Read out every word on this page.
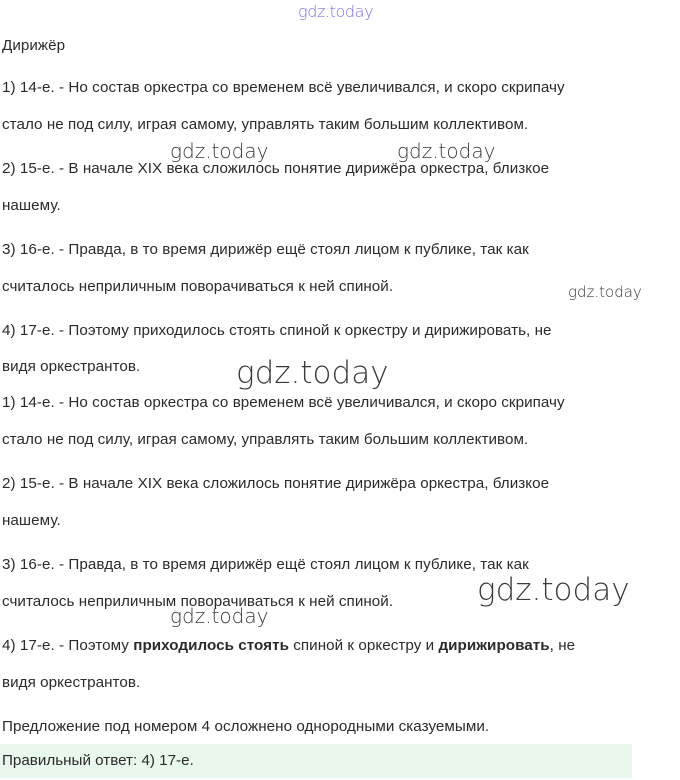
gdz.today
Дирижёр
1) 14-е. - Но состав оркестра со временем всё увеличивался, и скоро скрипачу
стало не под силу, играя самому, управлять таким большим коллективом.
gdz.today	gdz.today
2) 15-е. - В начале XIX века сложилось понятие дирижёра оркестра, близкое
нашему.
3) 16-е. - Правда, в то время дирижёр ещё стоял лицом к публике, так как
считалось неприличным поворачиваться к ней спиной.	gdz.today
4) 17-е. - Поэтому приходилось стоять спиной к оркестру и дирижировать, не
видя оркестрантов.	gdz.today
1) 14-е. - Но состав оркестра со временем всё увеличивался, и скоро скрипачу
стало не под силу, играя самому, управлять таким большим коллективом.
2) 15-е. - В начале XIX века сложилось понятие дирижёра оркестра, близкое
нашему.
3) 16-е. - Правда, в то время дирижёр ещё стоял лицом к публике, так как
считалось неприличным поворачиваться к ней спиной.	gdz.today
gdz.today
4) 17-е. - Поэтому приходилось стоять спиной к оркестру и дирижировать, не
видя оркестрантов.
Предложение под номером 4 осложнено однородными сказуемыми.
Правильный ответ: 4) 17-е.
